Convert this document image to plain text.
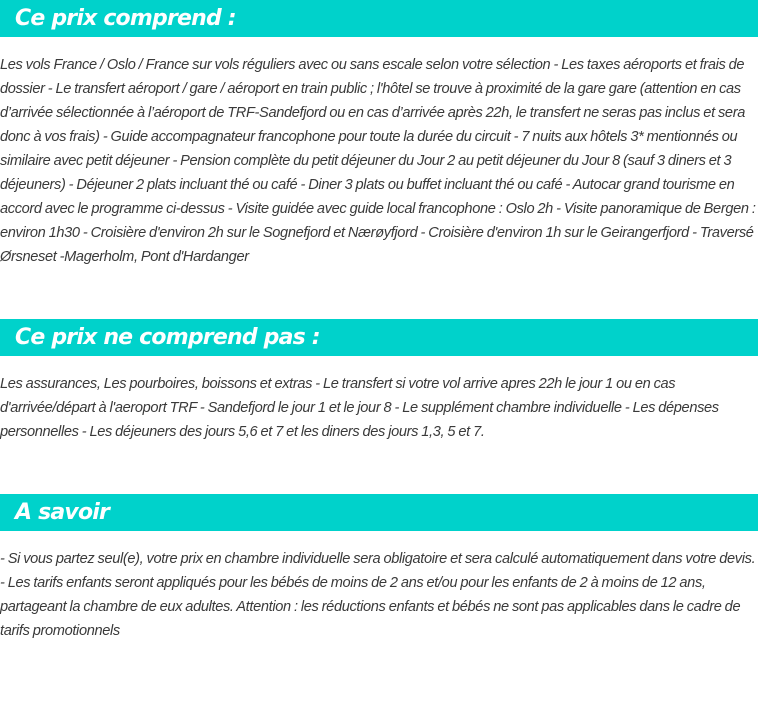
Ce prix comprend :

Les vols France / Oslo / France sur vols réguliers avec ou sans escale selon votre sélection - Les taxes aéroports et frais de dossier - Le transfert aéroport / gare / aéroport en train public ; l'hôtel se trouve à proximité de la gare gare (attention en cas d’arrivée sélectionnée à l’aéroport de TRF-Sandefjord ou en cas d’arrivée après 22h, le transfert ne seras pas inclus et sera donc à vos frais) - Guide accompagnateur francophone pour toute la durée du circuit - 7 nuits aux hôtels 3* mentionnés ou similaire avec petit déjeuner - Pension complète du petit déjeuner du Jour 2 au petit déjeuner du Jour 8 (sauf 3 diners et 3 déjeuners) - Déjeuner 2 plats incluant thé ou café - Diner 3 plats ou buffet incluant thé ou café - Autocar grand tourisme en accord avec le programme ci-dessus - Visite guidée avec guide local francophone : Oslo 2h - Visite panoramique de Bergen : environ 1h30 - Croisière d'environ 2h sur le Sognefjord et Nærøyfjord - Croisière d'environ 1h sur le Geirangerfjord - Traversé Ørsneset -Magerholm, Pont d'Hardanger

Ce prix ne comprend pas :

Les assurances, Les pourboires, boissons et extras - Le transfert si votre vol arrive apres 22h le jour 1 ou en cas d'arrivée/départ à l'aeroport TRF - Sandefjord le jour 1 et le jour 8 - Le supplément chambre individuelle - Les dépenses personnelles - Les déjeuners des jours 5,6 et 7 et les diners des jours 1,3, 5 et 7.

A savoir

- Si vous partez seul(e), votre prix en chambre individuelle sera obligatoire et sera calculé automatiquement dans votre devis.

- Les tarifs enfants seront appliqués pour les bébés de moins de 2 ans et/ou pour les enfants de 2 à moins de 12 ans, partageant la chambre de eux adultes. Attention : les réductions enfants et bébés ne sont pas applicables dans le cadre de tarifs promotionnels
